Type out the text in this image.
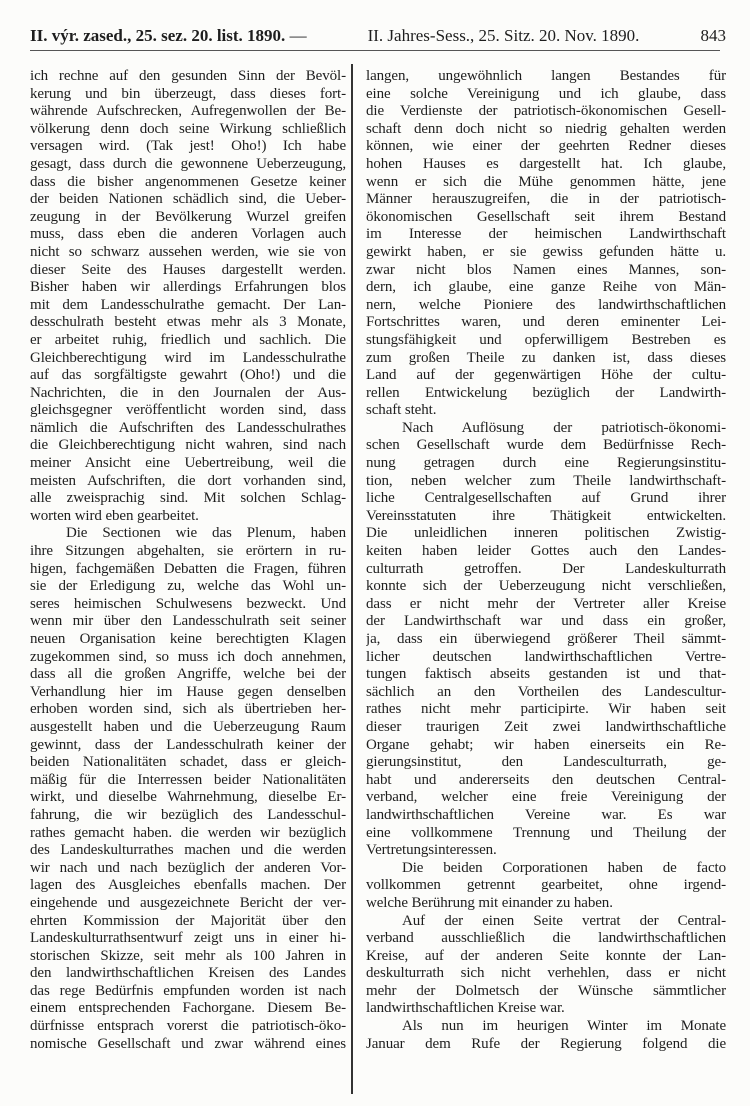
II. výr. zased., 25. sez. 20. list. 1890. —	II. Jahres-Sess., 25. Sitz. 20. Nov. 1890.	843
ich rechne auf den gesunden Sinn der Bevöl-
kerung und bin überzeugt, dass dieses fort-
währende Aufschrecken, Aufregenwollen der Be-
völkerung denn doch seine Wirkung schließlich
versagen wird. (Tak jest! Oho!) Ich habe
gesagt, dass durch die gewonnene Ueberzeugung,
dass die bisher angenommenen Gesetze keiner
der beiden Nationen schädlich sind, die Ueber-
zeugung in der Bevölkerung Wurzel greifen
muss, dass eben die anderen Vorlagen auch
nicht so schwarz aussehen werden, wie sie von
dieser Seite des Hauses dargestellt werden.
Bisher haben wir allerdings Erfahrungen blos
mit dem Landesschulrathe gemacht. Der Lan-
desschulrath besteht etwas mehr als 3 Monate,
er arbeitet ruhig, friedlich und sachlich. Die
Gleichberechtigung wird im Landesschulrathe
auf das sorgfältigste gewahrt (Oho!) und die
Nachrichten, die in den Journalen der Aus-
gleichsgegner veröffentlicht worden sind, dass
nämlich die Aufschriften des Landesschulrathes
die Gleichberechtigung nicht wahren, sind nach
meiner Ansicht eine Uebertreibung, weil die
meisten Aufschriften, die dort vorhanden sind,
alle zweisprachig sind. Mit solchen Schlag-
worten wird eben gearbeitet.
Die Sectionen wie das Plenum, haben
ihre Sitzungen abgehalten, sie erörtern in ru-
higen, fachgemäßen Debatten die Fragen, führen
sie der Erledigung zu, welche das Wohl un-
seres heimischen Schulwesens bezweckt. Und
wenn mir über den Landesschulrath seit seiner
neuen Organisation keine berechtigten Klagen
zugekommen sind, so muss ich doch annehmen,
dass all die großen Angriffe, welche bei der
Verhandlung hier im Hause gegen denselben
erhoben worden sind, sich als übertrieben her-
ausgestellt haben und die Ueberzeugung Raum
gewinnt, dass der Landesschulrath keiner der
beiden Nationalitäten schadet, dass er gleich-
mäßig für die Interressen beider Nationalitäten
wirkt, und dieselbe Wahrnehmung, dieselbe Er-
fahrung, die wir bezüglich des Landesschul-
rathes gemacht haben. die werden wir bezüglich
des Landeskulturrathes machen und die werden
wir nach und nach bezüglich der anderen Vor-
lagen des Ausgleiches ebenfalls machen. Der
eingehende und ausgezeichnete Bericht der ver-
ehrten Kommission der Majorität über den
Landeskulturrathsentwurf zeigt uns in einer hi-
storischen Skizze, seit mehr als 100 Jahren in
den landwirthschaftlichen Kreisen des Landes
das rege Bedürfnis empfunden worden ist nach
einem entsprechenden Fachorgane. Diesem Be-
dürfnisse entsprach vorerst die patriotisch-öko-
nomische Gesellschaft und zwar während eines
langen, ungewöhnlich langen Bestandes für
eine solche Vereinigung und ich glaube, dass
die Verdienste der patriotisch-ökonomischen Gesell-
schaft denn doch nicht so niedrig gehalten werden
können, wie einer der geehrten Redner dieses
hohen Hauses es dargestellt hat. Ich glaube,
wenn er sich die Mühe genommen hätte, jene
Männer herauszugreifen, die in der patriotisch-
ökonomischen Gesellschaft seit ihrem Bestand
im Interesse der heimischen Landwirthschaft
gewirkt haben, er sie gewiss gefunden hätte u.
zwar nicht blos Namen eines Mannes, son-
dern, ich glaube, eine ganze Reihe von Män-
nern, welche Pioniere des landwirthschaftlichen
Fortschrittes waren, und deren eminenter Lei-
stungsfähigkeit und opferwilligem Bestreben es
zum großen Theile zu danken ist, dass dieses
Land auf der gegenwärtigen Höhe der cultu-
rellen Entwickelung bezüglich der Landwirth-
schaft steht.
Nach Auflösung der patriotisch-ökonomi-
schen Gesellschaft wurde dem Bedürfnisse Rech-
nung getragen durch eine Regierungsinstitu-
tion, neben welcher zum Theile landwirthschaft-
liche Centralgesellschaften auf Grund ihrer
Vereinsstatuten ihre Thätigkeit entwickelten.
Die unleidlichen inneren politischen Zwistig-
keiten haben leider Gottes auch den Landes-
culturrath getroffen. Der Landeskulturrath
konnte sich der Ueberzeugung nicht verschließen,
dass er nicht mehr der Vertreter aller Kreise
der Landwirthschaft war und dass ein großer,
ja, dass ein überwiegend größerer Theil sämmt-
licher deutschen landwirthschaftlichen Vertre-
tungen faktisch abseits gestanden ist und that-
sächlich an den Vortheilen des Landescultur-
rathes nicht mehr participirte. Wir haben seit
dieser traurigen Zeit zwei landwirthschaftliche
Organe gehabt; wir haben einerseits ein Re-
gierungsinstitut, den Landesculturrath, ge-
habt und andererseits den deutschen Central-
verband, welcher eine freie Vereinigung der
landwirthschaftlichen Vereine war. Es war
eine vollkommene Trennung und Theilung der
Vertretungsinteressen.
Die beiden Corporationen haben de facto
vollkommen getrennt gearbeitet, ohne irgend-
welche Berührung mit einander zu haben.
Auf der einen Seite vertrat der Central-
verband ausschließlich die landwirthschaftlichen
Kreise, auf der anderen Seite konnte der Lan-
deskulturrath sich nicht verhehlen, dass er nicht
mehr der Dolmetsch der Wünsche sämmtlicher
landwirthschaftlichen Kreise war.
Als nun im heurigen Winter im Monate
Januar dem Rufe der Regierung folgend die
